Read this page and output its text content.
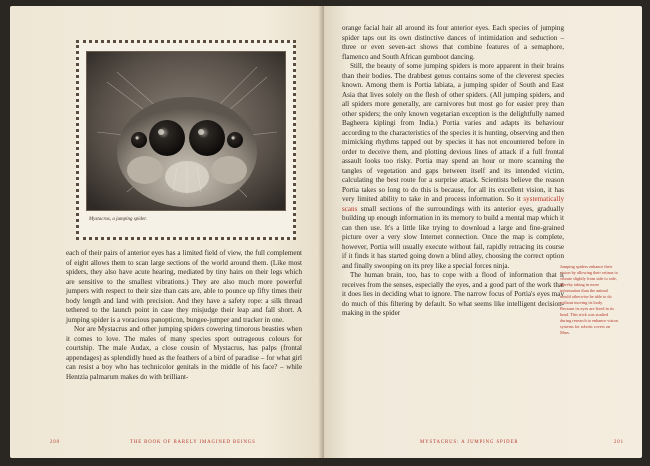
Mystacrus, a jumping spider.

each of their pairs of anterior eyes has a limited field of view, the full complement of eight allows them to scan large sections of the world around them. (Like most spiders, they also have acute hearing, mediated by tiny hairs on their legs which are sensitive to the smallest vibrations.) They are also much more powerful jumpers with respect to their size than cats are, able to pounce up fifty times their body length and land with precision. And they have a safety rope: a silk thread tethered to the launch point in case they misjudge their leap and fall short. A jumping spider is a voracious panopticon, bungee-jumper and tracker in one.

Nor are Mystacrus and other jumping spiders cowering timorous beasties when it comes to love. The males of many species sport outrageous colours for courtship. The male Audax, a close cousin of Mystacrus, has palps (frontal appendages) as splendidly hued as the feathers of a bird of paradise – for what girl can resist a boy who has technicolor genitals in the middle of his face? – while Hentzia palmarum makes do with brilliant-

200	THE BOOK OF BARELY IMAGINED BEINGS

orange facial hair all around its four anterior eyes. Each species of jumping spider taps out its own distinctive dances of intimidation and seduction – three or even seven-act shows that combine features of a semaphore, flamenco and South African gumboot dancing.

Still, the beauty of some jumping spiders is more apparent in their brains than their bodies. The drabbest genus contains some of the cleverest species known. Among them is Portia labiata, a jumping spider of South and East Asia that lives solely on the flesh of other spiders. (All jumping spiders, and all spiders more generally, are carnivores but most go for easier prey than other spiders; the only known vegetarian exception is the delightfully named Bagheera kiplingi from India.) Portia varies and adapts its behaviour according to the characteristics of the species it is hunting, observing and then mimicking rhythms tapped out by species it has not encountered before in order to deceive them, and plotting devious lines of attack if a full frontal assault looks too risky. Portia may spend an hour or more scanning the tangles of vegetation and gaps between itself and its intended victim, calculating the best route for a surprise attack. Scientists believe the reason Portia takes so long to do this is because, for all its excellent vision, it has very limited ability to take in and process information. So it systematically scans small sections of the surroundings with its anterior eyes, gradually building up enough information in its memory to build a mental map which it can then use. It's a little like trying to download a large and fine-grained picture over a very slow Internet connection. Once the map is complete, however, Portia will usually execute without fail, rapidly retracing its course if it finds it has started going down a blind alley, choosing the correct option and finally swooping on its prey like a special forces ninja.

The human brain, too, has to cope with a flood of information that it receives from the senses, especially the eyes, and a good part of the work that it does lies in deciding what to ignore. The narrow focus of Portia's eyes may do much of this filtering by default. So what seems like intelligent decision-making in the spider

Jumping spiders enhance their vision by allowing their retinas to vibrate slightly from side to side, thereby taking in more information than the animal would otherwise be able to do without moving its body. Because its eyes are fixed in its head. This trick was studied during research to enhance vision systems for robotic rovers on Mars.
MYSTACRUS: A JUMPING SPIDER	201
